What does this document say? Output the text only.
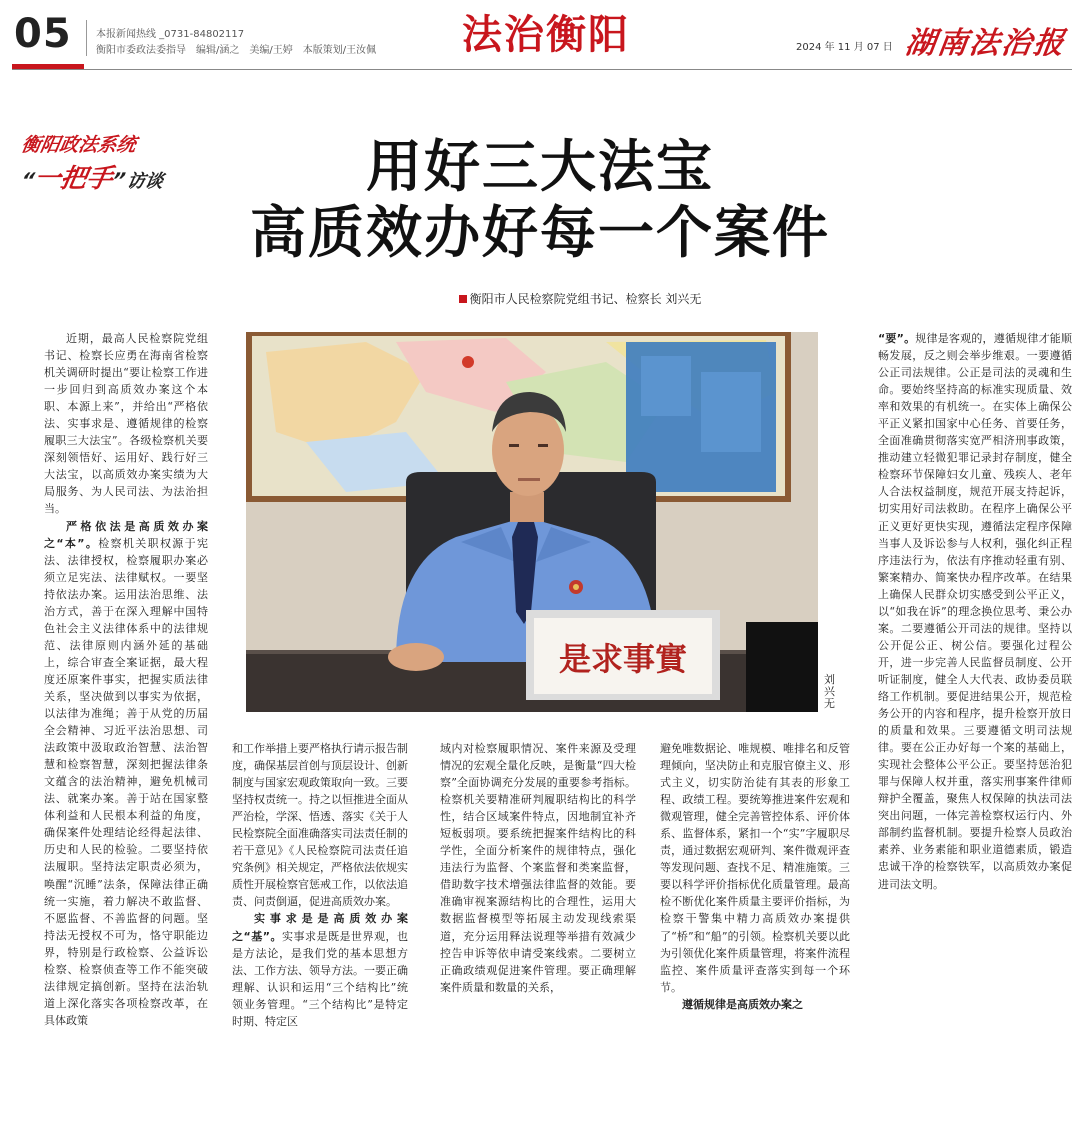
05 本报新闻热线 _0731-84802117
衡阳市委政法委指导　编辑/涵之　美编/王婷　本版策划/王汝佩	法治衡阳	2024 年 11 月 07 日 湖南法治报
衡阳政法系统
“一把手”访谈	用好三大法宝
高质效办好每一个案件
衡阳市人民检察院党组书记、检察长 刘兴无
是求事實
刘兴无

近期，最高人民检察院党组书记、检察长应勇在海南省检察机关调研时提出“要让检察工作进一步回归到高质效办案这个本职、本源上来”，并给出“严格依法、实事求是、遵循规律的检察履职三大法宝”。各级检察机关要深刻领悟好、运用好、践行好三大法宝，以高质效办案实绩为大局服务、为人民司法、为法治担当。

严格依法是高质效办案之“本”。检察机关职权源于宪法、法律授权，检察履职办案必须立足宪法、法律赋权。一要坚持依法办案。运用法治思维、法治方式，善于在深入理解中国特色社会主义法律体系中的法律规范、法律原则内涵外延的基础上，综合审查全案证据，最大程度还原案件事实，把握实质法律关系，坚决做到以事实为依据，以法律为准绳；善于从党的历届全会精神、习近平法治思想、司法政策中汲取政治智慧、法治智慧和检察智慧，深刻把握法律条文蕴含的法治精神，避免机械司法、就案办案。善于站在国家整体利益和人民根本利益的角度，确保案件处理结论经得起法律、历史和人民的检验。二要坚持依法履职。坚持法定职责必须为，唤醒“沉睡”法条，保障法律正确统一实施，着力解决不敢监督、不愿监督、不善监督的问题。坚持法无授权不可为，恪守职能边界，特别是行政检察、公益诉讼检察、检察侦查等工作不能突破法律规定搞创新。坚持在法治轨道上深化落实各项检察改革，在具体政策

和工作举措上要严格执行请示报告制度，确保基层首创与顶层设计、创新制度与国家宏观政策取向一致。三要坚持权责统一。持之以恒推进全面从严治检，学深、悟透、落实《关于人民检察院全面准确落实司法责任制的若干意见》《人民检察院司法责任追究条例》相关规定，严格依法依规实质性开展检察官惩戒工作，以依法追责、问责倒逼，促进高质效办案。

实事求是是高质效办案之“基”。实事求是既是世界观，也是方法论，是我们党的基本思想方法、工作方法、领导方法。一要正确理解、认识和运用“三个结构比”统领业务管理。“三个结构比”是特定时期、特定区

域内对检察履职情况、案件来源及受理情况的宏观全量化反映，是衡量“四大检察”全面协调充分发展的重要参考指标。检察机关要精准研判履职结构比的科学性，结合区域案件特点，因地制宜补齐短板弱项。要系统把握案件结构比的科学性，全面分析案件的规律特点，强化违法行为监督、个案监督和类案监督，借助数字技术增强法律监督的效能。要准确审视案源结构比的合理性，运用大数据监督模型等拓展主动发现线索渠道，充分运用释法说理等举措有效减少控告申诉等依申请受案线索。二要树立正确政绩观促进案件管理。要正确理解案件质量和数量的关系，

避免唯数据论、唯规模、唯排名和反管理倾向，坚决防止和克服官僚主义、形式主义，切实防治徒有其表的形象工程、政绩工程。要统筹推进案件宏观和微观管理，健全完善管控体系、评价体系、监督体系，紧扣一个“实”字履职尽责，通过数据宏观研判、案件微观评查等发现问题、查找不足、精准施策。三要以科学评价指标优化质量管理。最高检不断优化案件质量主要评价指标，为检察干警集中精力高质效办案提供了“桥”和“船”的引领。检察机关要以此为引领优化案件质量管理，将案件流程监控、案件质量评查落实到每一个环节。

遵循规律是高质效办案之

“要”。规律是客观的，遵循规律才能顺畅发展，反之则会举步维艰。一要遵循公正司法规律。公正是司法的灵魂和生命。要始终坚持高的标准实现质量、效率和效果的有机统一。在实体上确保公平正义紧扣国家中心任务、首要任务，全面准确贯彻落实宽严相济刑事政策，推动建立轻微犯罪记录封存制度，健全检察环节保障妇女儿童、残疾人、老年人合法权益制度，规范开展支持起诉，切实用好司法救助。在程序上确保公平正义更好更快实现，遵循法定程序保障当事人及诉讼参与人权利，强化纠正程序违法行为，依法有序推动轻重有别、繁案精办、简案快办程序改革。在结果上确保人民群众切实感受到公平正义，以“如我在诉”的理念换位思考、秉公办案。二要遵循公开司法的规律。坚持以公开促公正、树公信。要强化过程公开，进一步完善人民监督员制度、公开听证制度，健全人大代表、政协委员联络工作机制。要促进结果公开，规范检务公开的内容和程序，提升检察开放日的质量和效果。三要遵循文明司法规律。要在公正办好每一个案的基础上，实现社会整体公平公正。要坚持惩治犯罪与保障人权并重，落实刑事案件律师辩护全覆盖，聚焦人权保障的执法司法突出问题，一体完善检察权运行内、外部制约监督机制。要提升检察人员政治素养、业务素能和职业道德素质，锻造忠诚干净的检察铁军，以高质效办案促进司法文明。
